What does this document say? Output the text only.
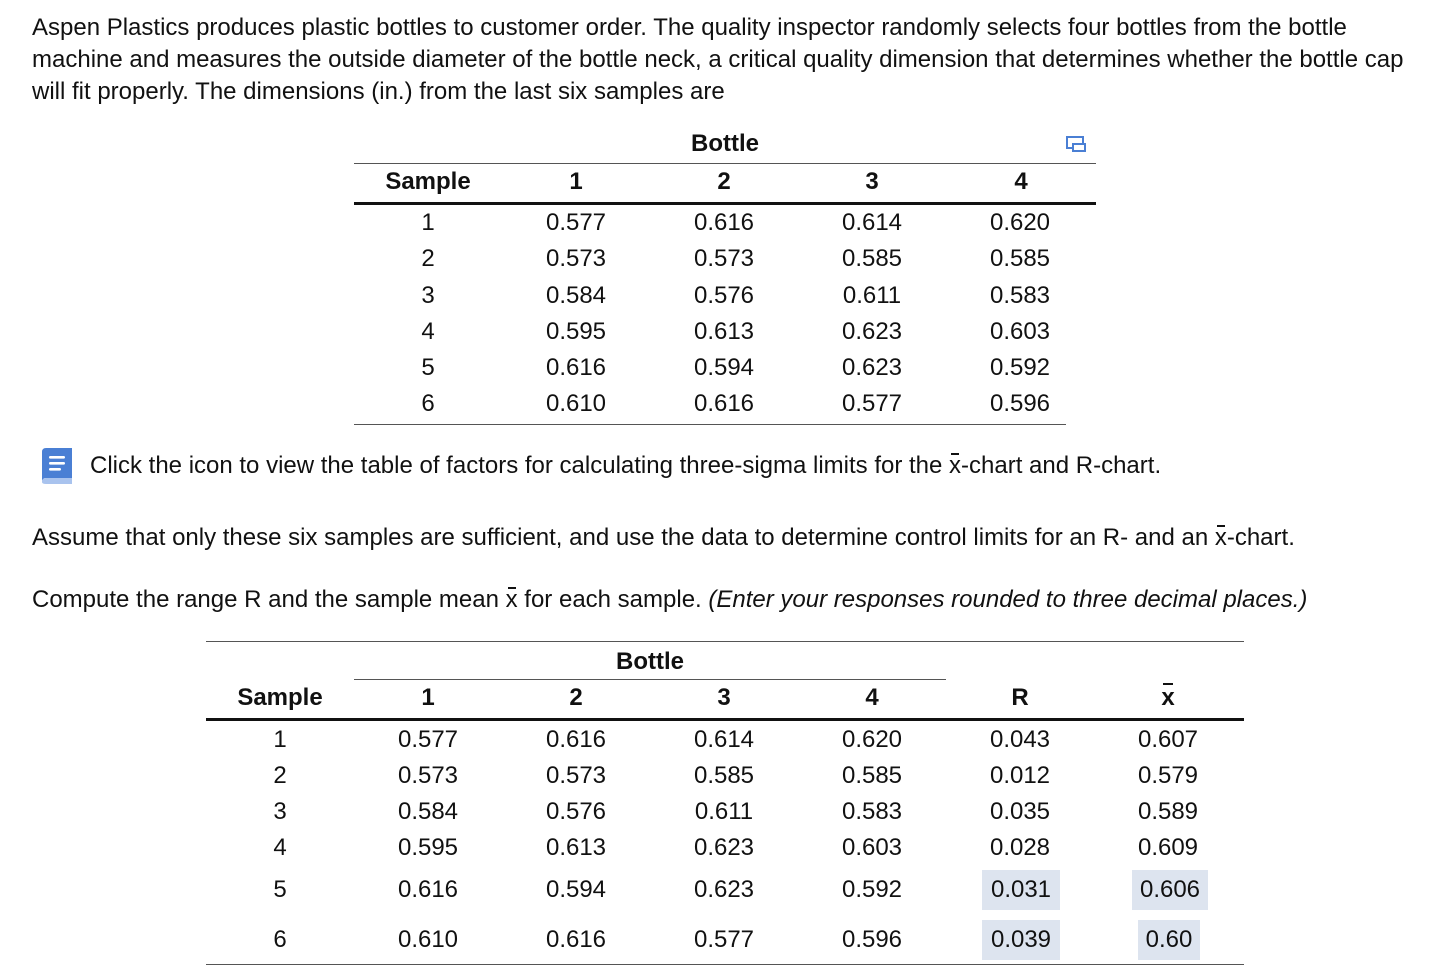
Aspen Plastics produces plastic bottles to customer order. The quality inspector randomly selects four bottles from the bottle machine and measures the outside diameter of the bottle neck, a critical quality dimension that determines whether the bottle cap will fit properly. The dimensions (in.) from the last six samples are

Bottle
Sample	1	2	3	4
1	0.577	0.616	0.614	0.620
2	0.573	0.573	0.585	0.585
3	0.584	0.576	0.611	0.583
4	0.595	0.613	0.623	0.603
5	0.616	0.594	0.623	0.592
6	0.610	0.616	0.577	0.596
Click the icon to view the table of factors for calculating three-sigma limits for the x-chart and R-chart.

Assume that only these six samples are sufficient, and use the data to determine control limits for an R- and an x-chart.

Compute the range R and the sample mean x for each sample. (Enter your responses rounded to three decimal places.)

Bottle
Sample	1	2	3	4	R	x
1	0.577	0.616	0.614	0.620	0.043	0.607
2	0.573	0.573	0.585	0.585	0.012	0.579
3	0.584	0.576	0.611	0.583	0.035	0.589
4	0.595	0.613	0.623	0.603	0.028	0.609
5	0.616	0.594	0.623	0.592	0.031	0.606
6	0.610	0.616	0.577	0.596	0.039	0.60
